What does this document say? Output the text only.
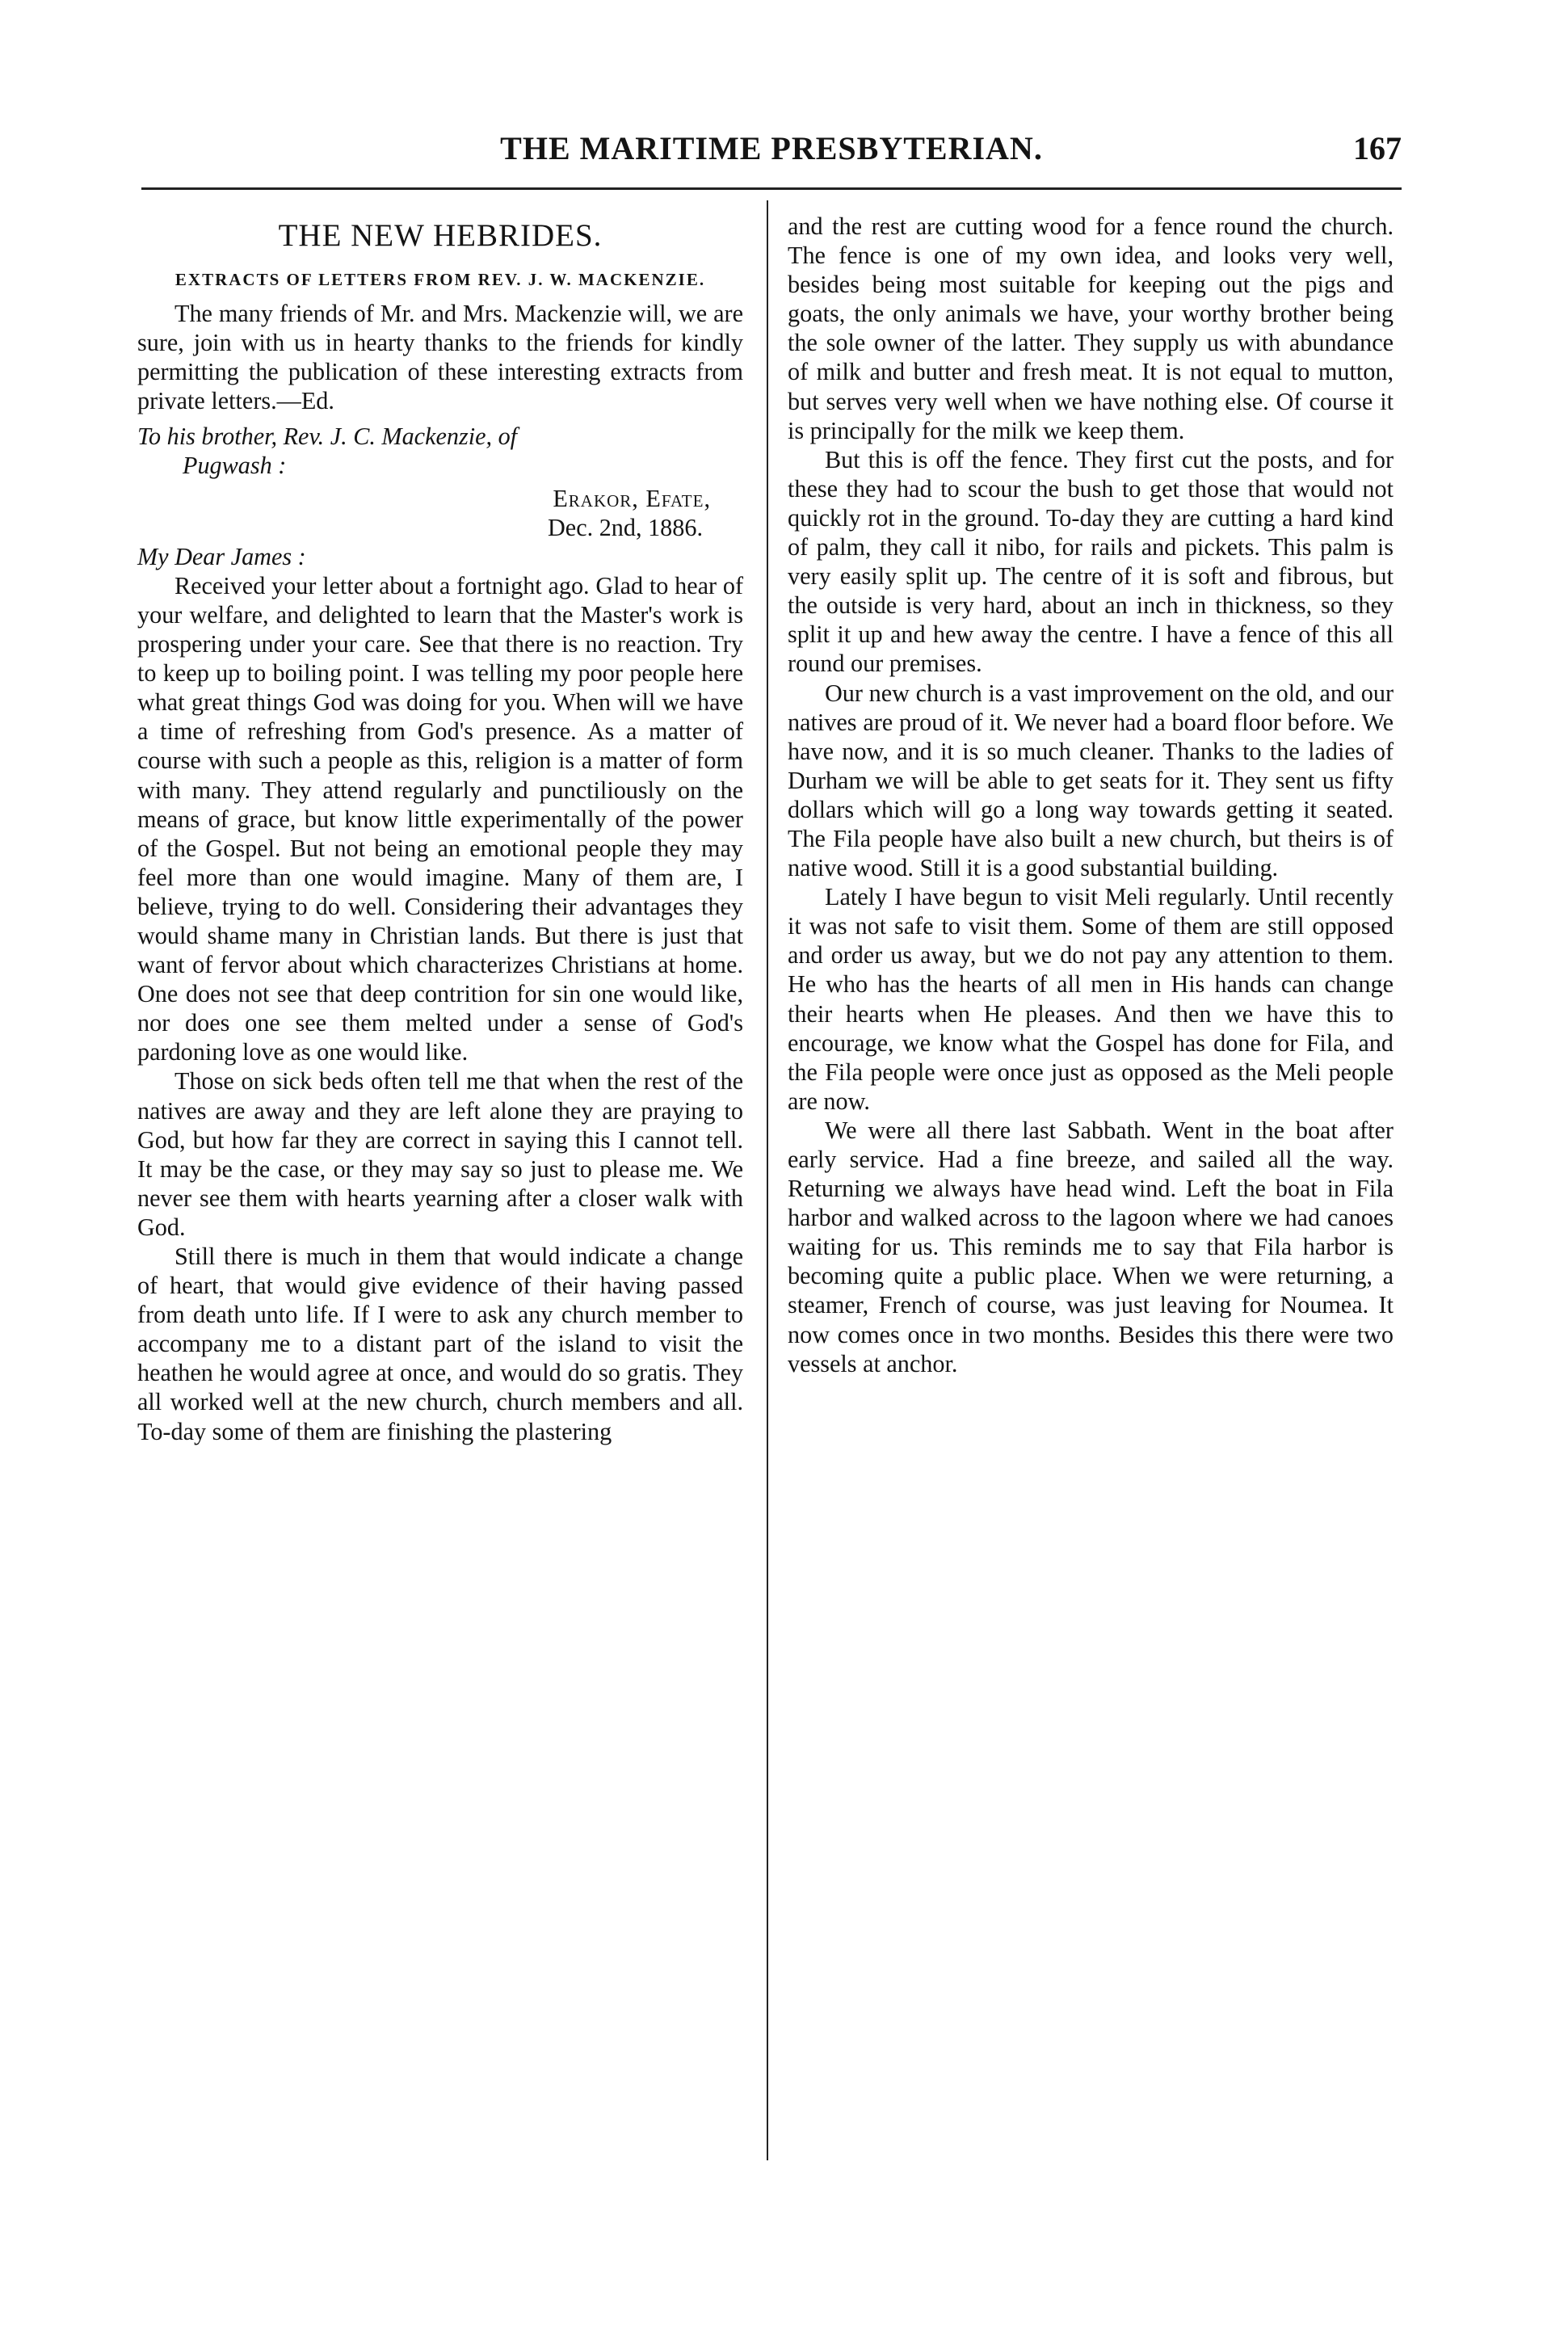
THE MARITIME PRESBYTERIAN.	167
THE NEW HEBRIDES.
EXTRACTS OF LETTERS FROM REV. J. W. MACKENZIE.

The many friends of Mr. and Mrs. Mackenzie will, we are sure, join with us in hearty thanks to the friends for kindly permitting the publication of these interesting extracts from private letters.—Ed.

To his brother, Rev. J. C. Mackenzie, of
Pugwash :
Erakor, Efate,
Dec. 2nd, 1886.
My Dear James :

Received your letter about a fortnight ago. Glad to hear of your welfare, and delighted to learn that the Master's work is prospering under your care. See that there is no reaction. Try to keep up to boiling point. I was telling my poor people here what great things God was doing for you. When will we have a time of refreshing from God's presence. As a matter of course with such a people as this, religion is a matter of form with many. They attend regularly and punctiliously on the means of grace, but know little experimentally of the power of the Gospel. But not being an emotional people they may feel more than one would imagine. Many of them are, I believe, trying to do well. Considering their advantages they would shame many in Christian lands. But there is just that want of fervor about which characterizes Christians at home. One does not see that deep contrition for sin one would like, nor does one see them melted under a sense of God's pardoning love as one would like.

Those on sick beds often tell me that when the rest of the natives are away and they are left alone they are praying to God, but how far they are correct in saying this I cannot tell. It may be the case, or they may say so just to please me. We never see them with hearts yearning after a closer walk with God.

Still there is much in them that would indicate a change of heart, that would give evidence of their having passed from death unto life. If I were to ask any church member to accompany me to a distant part of the island to visit the heathen he would agree at once, and would do so gratis. They all worked well at the new church, church members and all. To-day some of them are finishing the plastering

and the rest are cutting wood for a fence round the church. The fence is one of my own idea, and looks very well, besides being most suitable for keeping out the pigs and goats, the only animals we have, your worthy brother being the sole owner of the latter. They supply us with abundance of milk and butter and fresh meat. It is not equal to mutton, but serves very well when we have nothing else. Of course it is principally for the milk we keep them.

But this is off the fence. They first cut the posts, and for these they had to scour the bush to get those that would not quickly rot in the ground. To-day they are cutting a hard kind of palm, they call it nibo, for rails and pickets. This palm is very easily split up. The centre of it is soft and fibrous, but the outside is very hard, about an inch in thickness, so they split it up and hew away the centre. I have a fence of this all round our premises.

Our new church is a vast improvement on the old, and our natives are proud of it. We never had a board floor before. We have now, and it is so much cleaner. Thanks to the ladies of Durham we will be able to get seats for it. They sent us fifty dollars which will go a long way towards getting it seated. The Fila people have also built a new church, but theirs is of native wood. Still it is a good substantial building.

Lately I have begun to visit Meli regularly. Until recently it was not safe to visit them. Some of them are still opposed and order us away, but we do not pay any attention to them. He who has the hearts of all men in His hands can change their hearts when He pleases. And then we have this to encourage, we know what the Gospel has done for Fila, and the Fila people were once just as opposed as the Meli people are now.

We were all there last Sabbath. Went in the boat after early service. Had a fine breeze, and sailed all the way. Returning we always have head wind. Left the boat in Fila harbor and walked across to the lagoon where we had canoes waiting for us. This reminds me to say that Fila harbor is becoming quite a public place. When we were returning, a steamer, French of course, was just leaving for Noumea. It now comes once in two months. Besides this there were two vessels at anchor.
